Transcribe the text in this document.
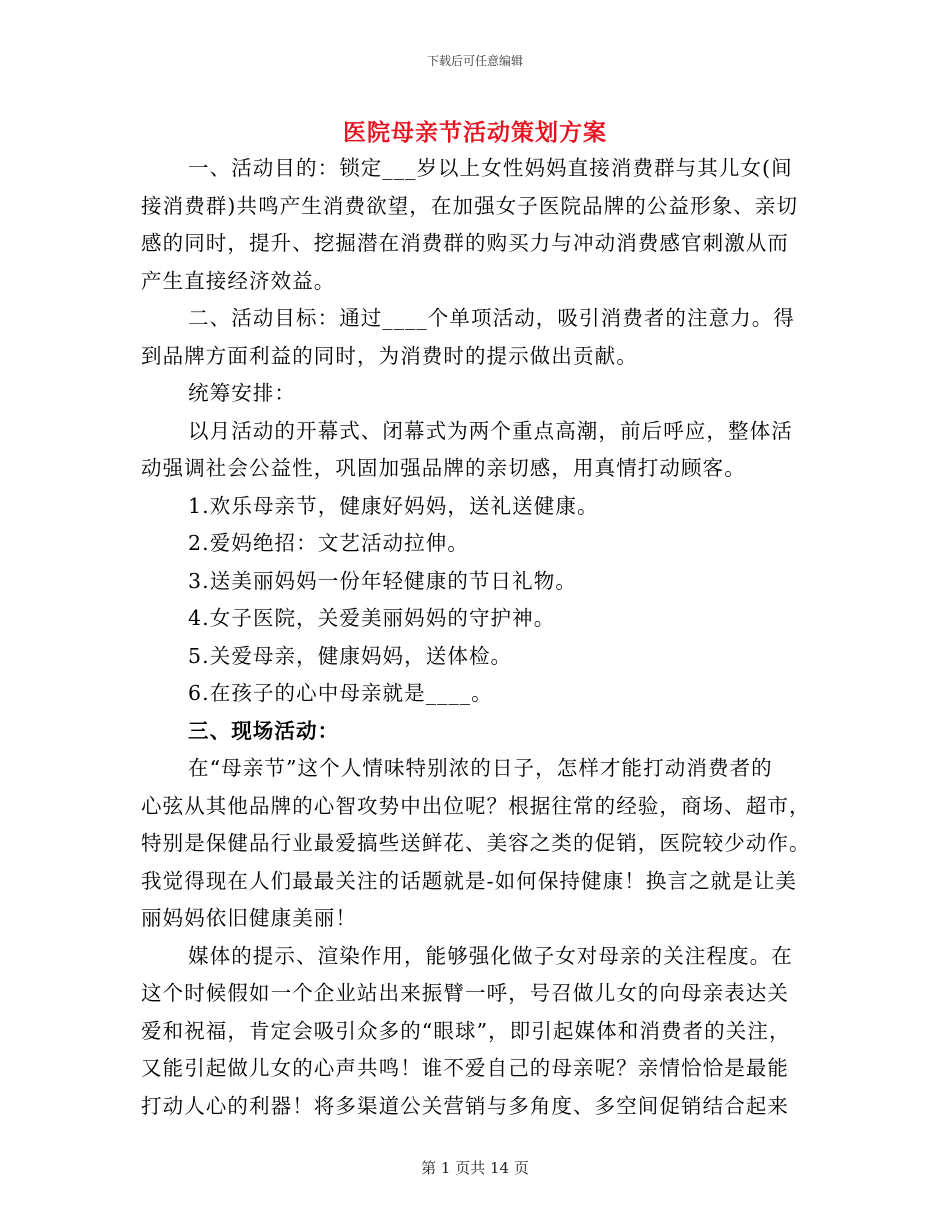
下载后可任意编辑
医院母亲节活动策划方案
一、活动目的：锁定___岁以上女性妈妈直接消费群与其儿女(间
接消费群)共鸣产生消费欲望，在加强女子医院品牌的公益形象、亲切
感的同时，提升、挖掘潜在消费群的购买力与冲动消费感官刺激从而
产生直接经济效益。
二、活动目标：通过____个单项活动，吸引消费者的注意力。得
到品牌方面利益的同时，为消费时的提示做出贡献。
统筹安排：
以月活动的开幕式、闭幕式为两个重点高潮，前后呼应，整体活
动强调社会公益性，巩固加强品牌的亲切感，用真情打动顾客。
1.欢乐母亲节，健康好妈妈，送礼送健康。
2.爱妈绝招：文艺活动拉伸。
3.送美丽妈妈一份年轻健康的节日礼物。
4.女子医院，关爱美丽妈妈的守护神。
5.关爱母亲，健康妈妈，送体检。
6.在孩子的心中母亲就是____。
三、现场活动：
在“母亲节”这个人情味特别浓的日子，怎样才能打动消费者的
心弦从其他品牌的心智攻势中出位呢？根据往常的经验，商场、超市，
特别是保健品行业最爱搞些送鲜花、美容之类的促销，医院较少动作。
我觉得现在人们最最关注的话题就是-如何保持健康！换言之就是让美
丽妈妈依旧健康美丽！
媒体的提示、渲染作用，能够强化做子女对母亲的关注程度。在
这个时候假如一个企业站出来振臂一呼，号召做儿女的向母亲表达关
爱和祝福，肯定会吸引众多的“眼球”，即引起媒体和消费者的关注，
又能引起做儿女的心声共鸣！谁不爱自己的母亲呢？亲情恰恰是最能
打动人心的利器！将多渠道公关营销与多角度、多空间促销结合起来
第 1 页共 14 页
